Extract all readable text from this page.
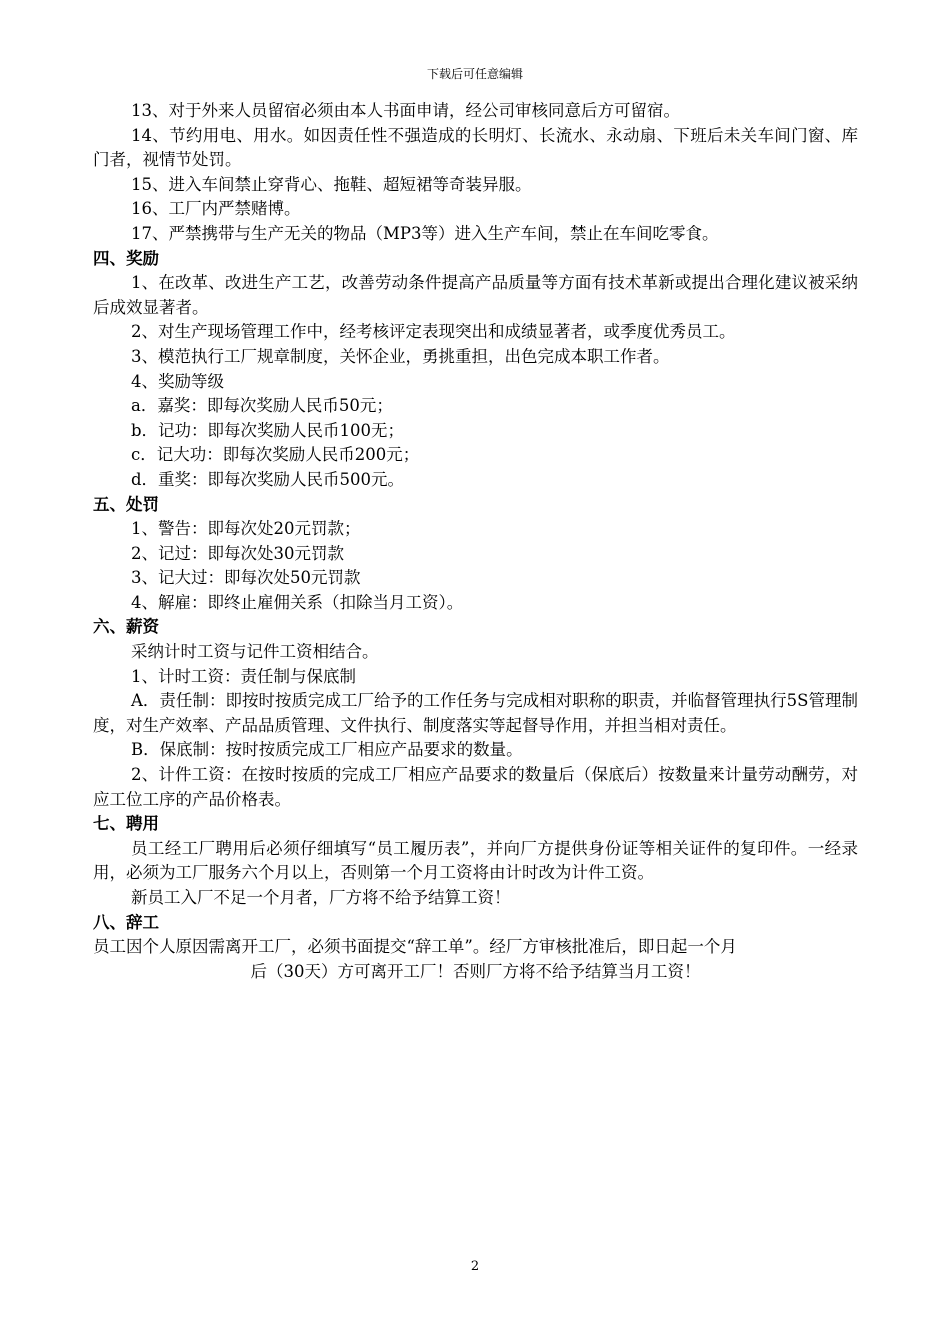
下载后可任意编辑

13、对于外来人员留宿必须由本人书面申请，经公司审核同意后方可留宿。

14、节约用电、用水。如因责任性不强造成的长明灯、长流水、永动扇、下班后未关车间门窗、库门者，视情节处罚。

15、进入车间禁止穿背心、拖鞋、超短裙等奇装异服。

16、工厂内严禁赌博。

17、严禁携带与生产无关的物品（MP3等）进入生产车间，禁止在车间吃零食。

四、奖励

1、在改革、改进生产工艺，改善劳动条件提高产品质量等方面有技术革新或提出合理化建议被采纳后成效显著者。

2、对生产现场管理工作中，经考核评定表现突出和成绩显著者，或季度优秀员工。

3、模范执行工厂规章制度，关怀企业，勇挑重担，出色完成本职工作者。

4、奖励等级

a．嘉奖：即每次奖励人民币50元；

b．记功：即每次奖励人民币100无；

c．记大功：即每次奖励人民币200元；

d．重奖：即每次奖励人民币500元。

五、处罚

1、警告：即每次处20元罚款；

2、记过：即每次处30元罚款

3、记大过：即每次处50元罚款

4、解雇：即终止雇佣关系（扣除当月工资）。

六、薪资

采纳计时工资与记件工资相结合。

1、计时工资：责任制与保底制

A．责任制：即按时按质完成工厂给予的工作任务与完成相对职称的职责，并临督管理执行5S管理制度，对生产效率、产品品质管理、文件执行、制度落实等起督导作用，并担当相对责任。

B．保底制：按时按质完成工厂相应产品要求的数量。

2、计件工资：在按时按质的完成工厂相应产品要求的数量后（保底后）按数量来计量劳动酬劳，对应工位工序的产品价格表。

七、聘用

员工经工厂聘用后必须仔细填写“员工履历表”，并向厂方提供身份证等相关证件的复印件。一经录用，必须为工厂服务六个月以上，否则第一个月工资将由计时改为计件工资。

新员工入厂不足一个月者，厂方将不给予结算工资！

八、辞工

员工因个人原因需离开工厂，必须书面提交“辞工单”。经厂方审核批准后，即日起一个月

后（30天）方可离开工厂！否则厂方将不给予结算当月工资！

2
